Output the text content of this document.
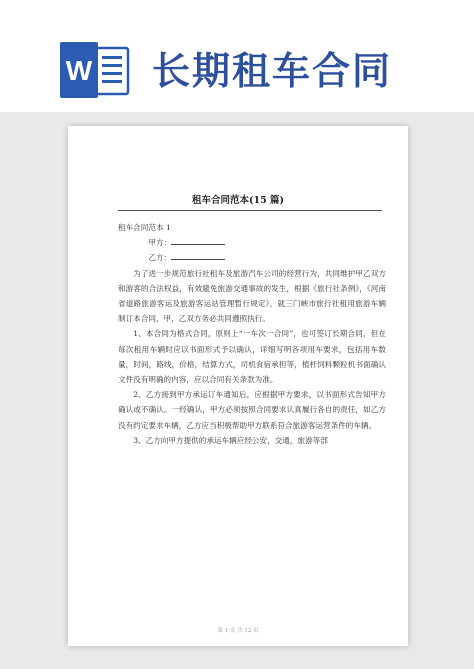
W 长期租车合同
租车合同范本(15 篇)

租车合同范本 1

甲方：

乙方：

为了进一步规范旅行社租车及旅游汽车公司的经营行为，共同维护甲乙双方和游客的合法权益，有效避免旅游交通事故的发生，根据《旅行社条例》，《河南省道路旅游客运及旅游客运站管理暂行规定》，就三门峡市旅行社租用旅游车辆制订本合同，甲，乙双方务必共同遵照执行。

1、本合同为格式合同，原则上“一车次一合同”，也可签订长期合同，但在每次租用车辆时应以书面形式予以确认，详细写明各项用车要求，包括用车数量，时间，路线，价格，结算方式，司机食宿承担等，植杆饲料颗粒机书面确认文件没有明确的内容，应以合同有关条款为准。

2、乙方接到甲方承运订车通知后，应根据甲方要求，以书面形式告知甲方确认或不确认。一经确认，甲方必须按照合同要求认真履行各自的责任，如乙方没有约定要求车辆，乙方应当积极帮助甲方联系符合旅游客运营条件的车辆。

3、乙方向甲方提供的承运车辆应经公安，交通，旅游等部

第 1 页 共 12 页
